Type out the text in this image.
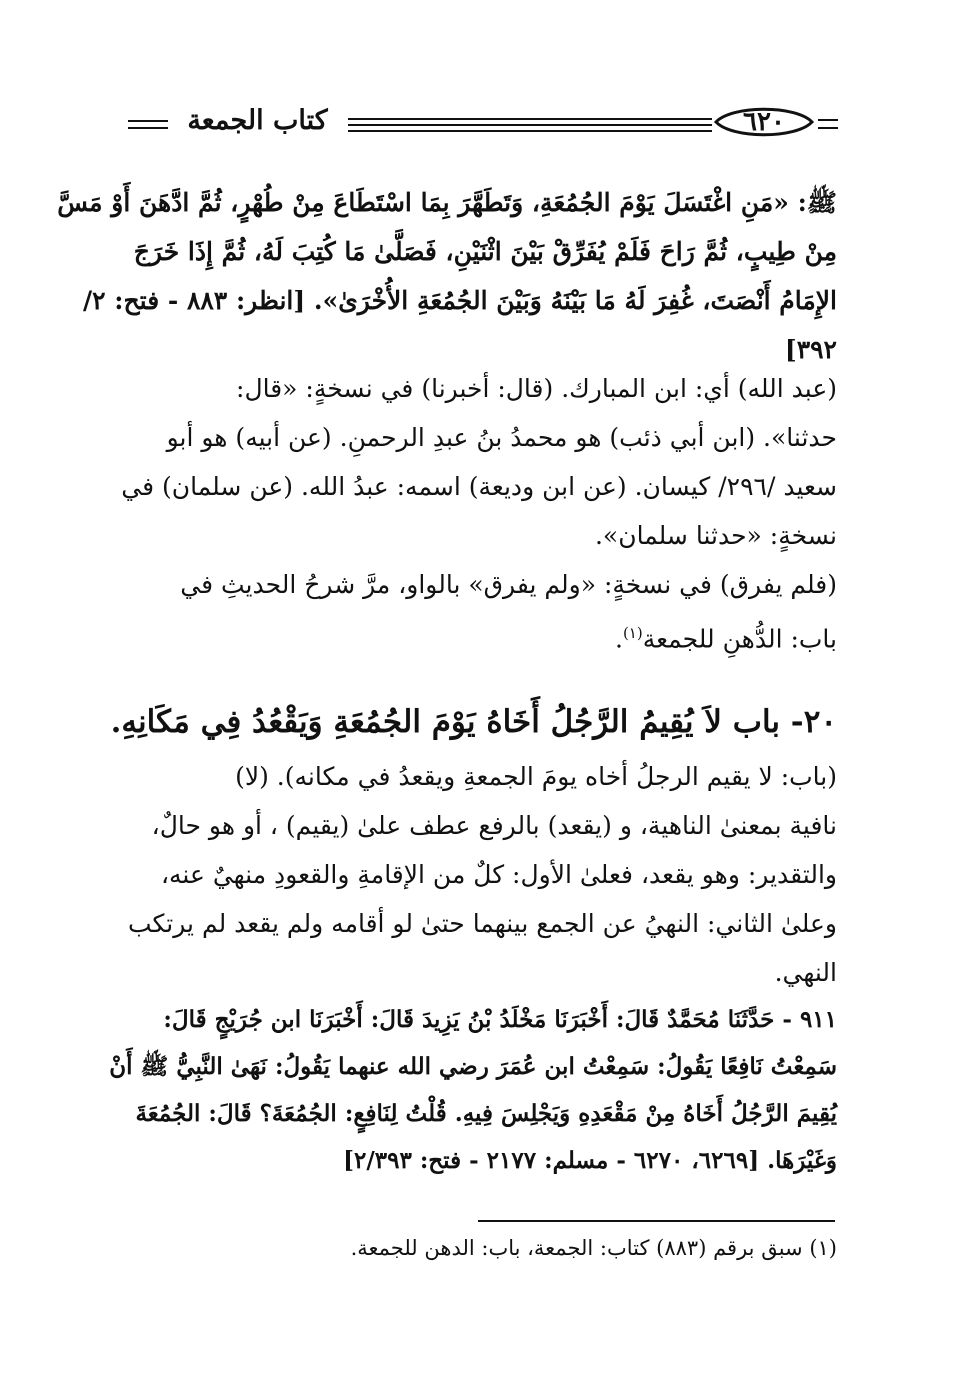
كتاب الجمعة	٦٢٠
ﷺ: «مَنِ اغْتَسَلَ يَوْمَ الجُمُعَةِ، وَتَطَهَّرَ بِمَا اسْتَطَاعَ مِنْ طُهْرٍ، ثُمَّ ادَّهَنَ أَوْ مَسَّ
مِنْ طِيبٍ، ثُمَّ رَاحَ فَلَمْ يُفَرِّقْ بَيْنَ اثْنَيْنِ، فَصَلَّىٰ مَا كُتِبَ لَهُ، ثُمَّ إِذَا خَرَجَ
الإِمَامُ أَنْصَتَ، غُفِرَ لَهُ مَا بَيْنَهُ وَبَيْنَ الجُمُعَةِ الأُخْرَىٰ». [انظر: ٨٨٣ - فتح: ٢/
٣٩٢]
(عبد الله) أي: ابن المبارك. (قال: أخبرنا) في نسخةٍ: «قال:
حدثنا». (ابن أبي ذئب) هو محمدُ بنُ عبدِ الرحمنِ. (عن أبيه) هو أبو
سعيد /٢٩٦/ كيسان. (عن ابن وديعة) اسمه: عبدُ الله. (عن سلمان) في
نسخةٍ: «حدثنا سلمان».
(فلم يفرق) في نسخةٍ: «ولم يفرق» بالواو، مرَّ شرحُ الحديثِ في
باب: الدُّهنِ للجمعة$^{(١)}$.
٢٠- باب لاَ يُقِيمُ الرَّجُلُ أَخَاهُ يَوْمَ الجُمُعَةِ وَيَقْعُدُ فِي مَكَانِهِ.
(باب: لا يقيم الرجلُ أخاه يومَ الجمعةِ ويقعدُ في مكانه). (لا)
نافية بمعنىٰ الناهية، و (يقعد) بالرفع عطف علىٰ (يقيم) ، أو هو حالٌ،
والتقدير: وهو يقعد، فعلىٰ الأول: كلٌ من الإقامةِ والقعودِ منهيٌ عنه،
وعلىٰ الثاني: النهيُ عن الجمع بينهما حتىٰ لو أقامه ولم يقعد لم يرتكب
النهي.
٩١١ - حَدَّثَنَا مُحَمَّدٌ قَالَ: أَخْبَرَنَا مَخْلَدُ بْنُ يَزِيدَ قَالَ: أَخْبَرَنَا ابن جُرَيْجٍ قَالَ:
سَمِعْتُ نَافِعًا يَقُولُ: سَمِعْتُ ابن عُمَرَ رضي الله عنهما يَقُولُ: نَهَىٰ النَّبِيُّ ﷺ أَنْ
يُقِيمَ الرَّجُلُ أَخَاهُ مِنْ مَقْعَدِهِ وَيَجْلِسَ فِيهِ. قُلْتُ لِنَافِعٍ: الجُمُعَةَ؟ قَالَ: الجُمُعَةَ
وَغَيْرَهَا. [٦٢٦٩، ٦٢٧٠ - مسلم: ٢١٧٧ - فتح: ٢/٣٩٣]
(١) سبق برقم (٨٨٣) كتاب: الجمعة، باب: الدهن للجمعة.
